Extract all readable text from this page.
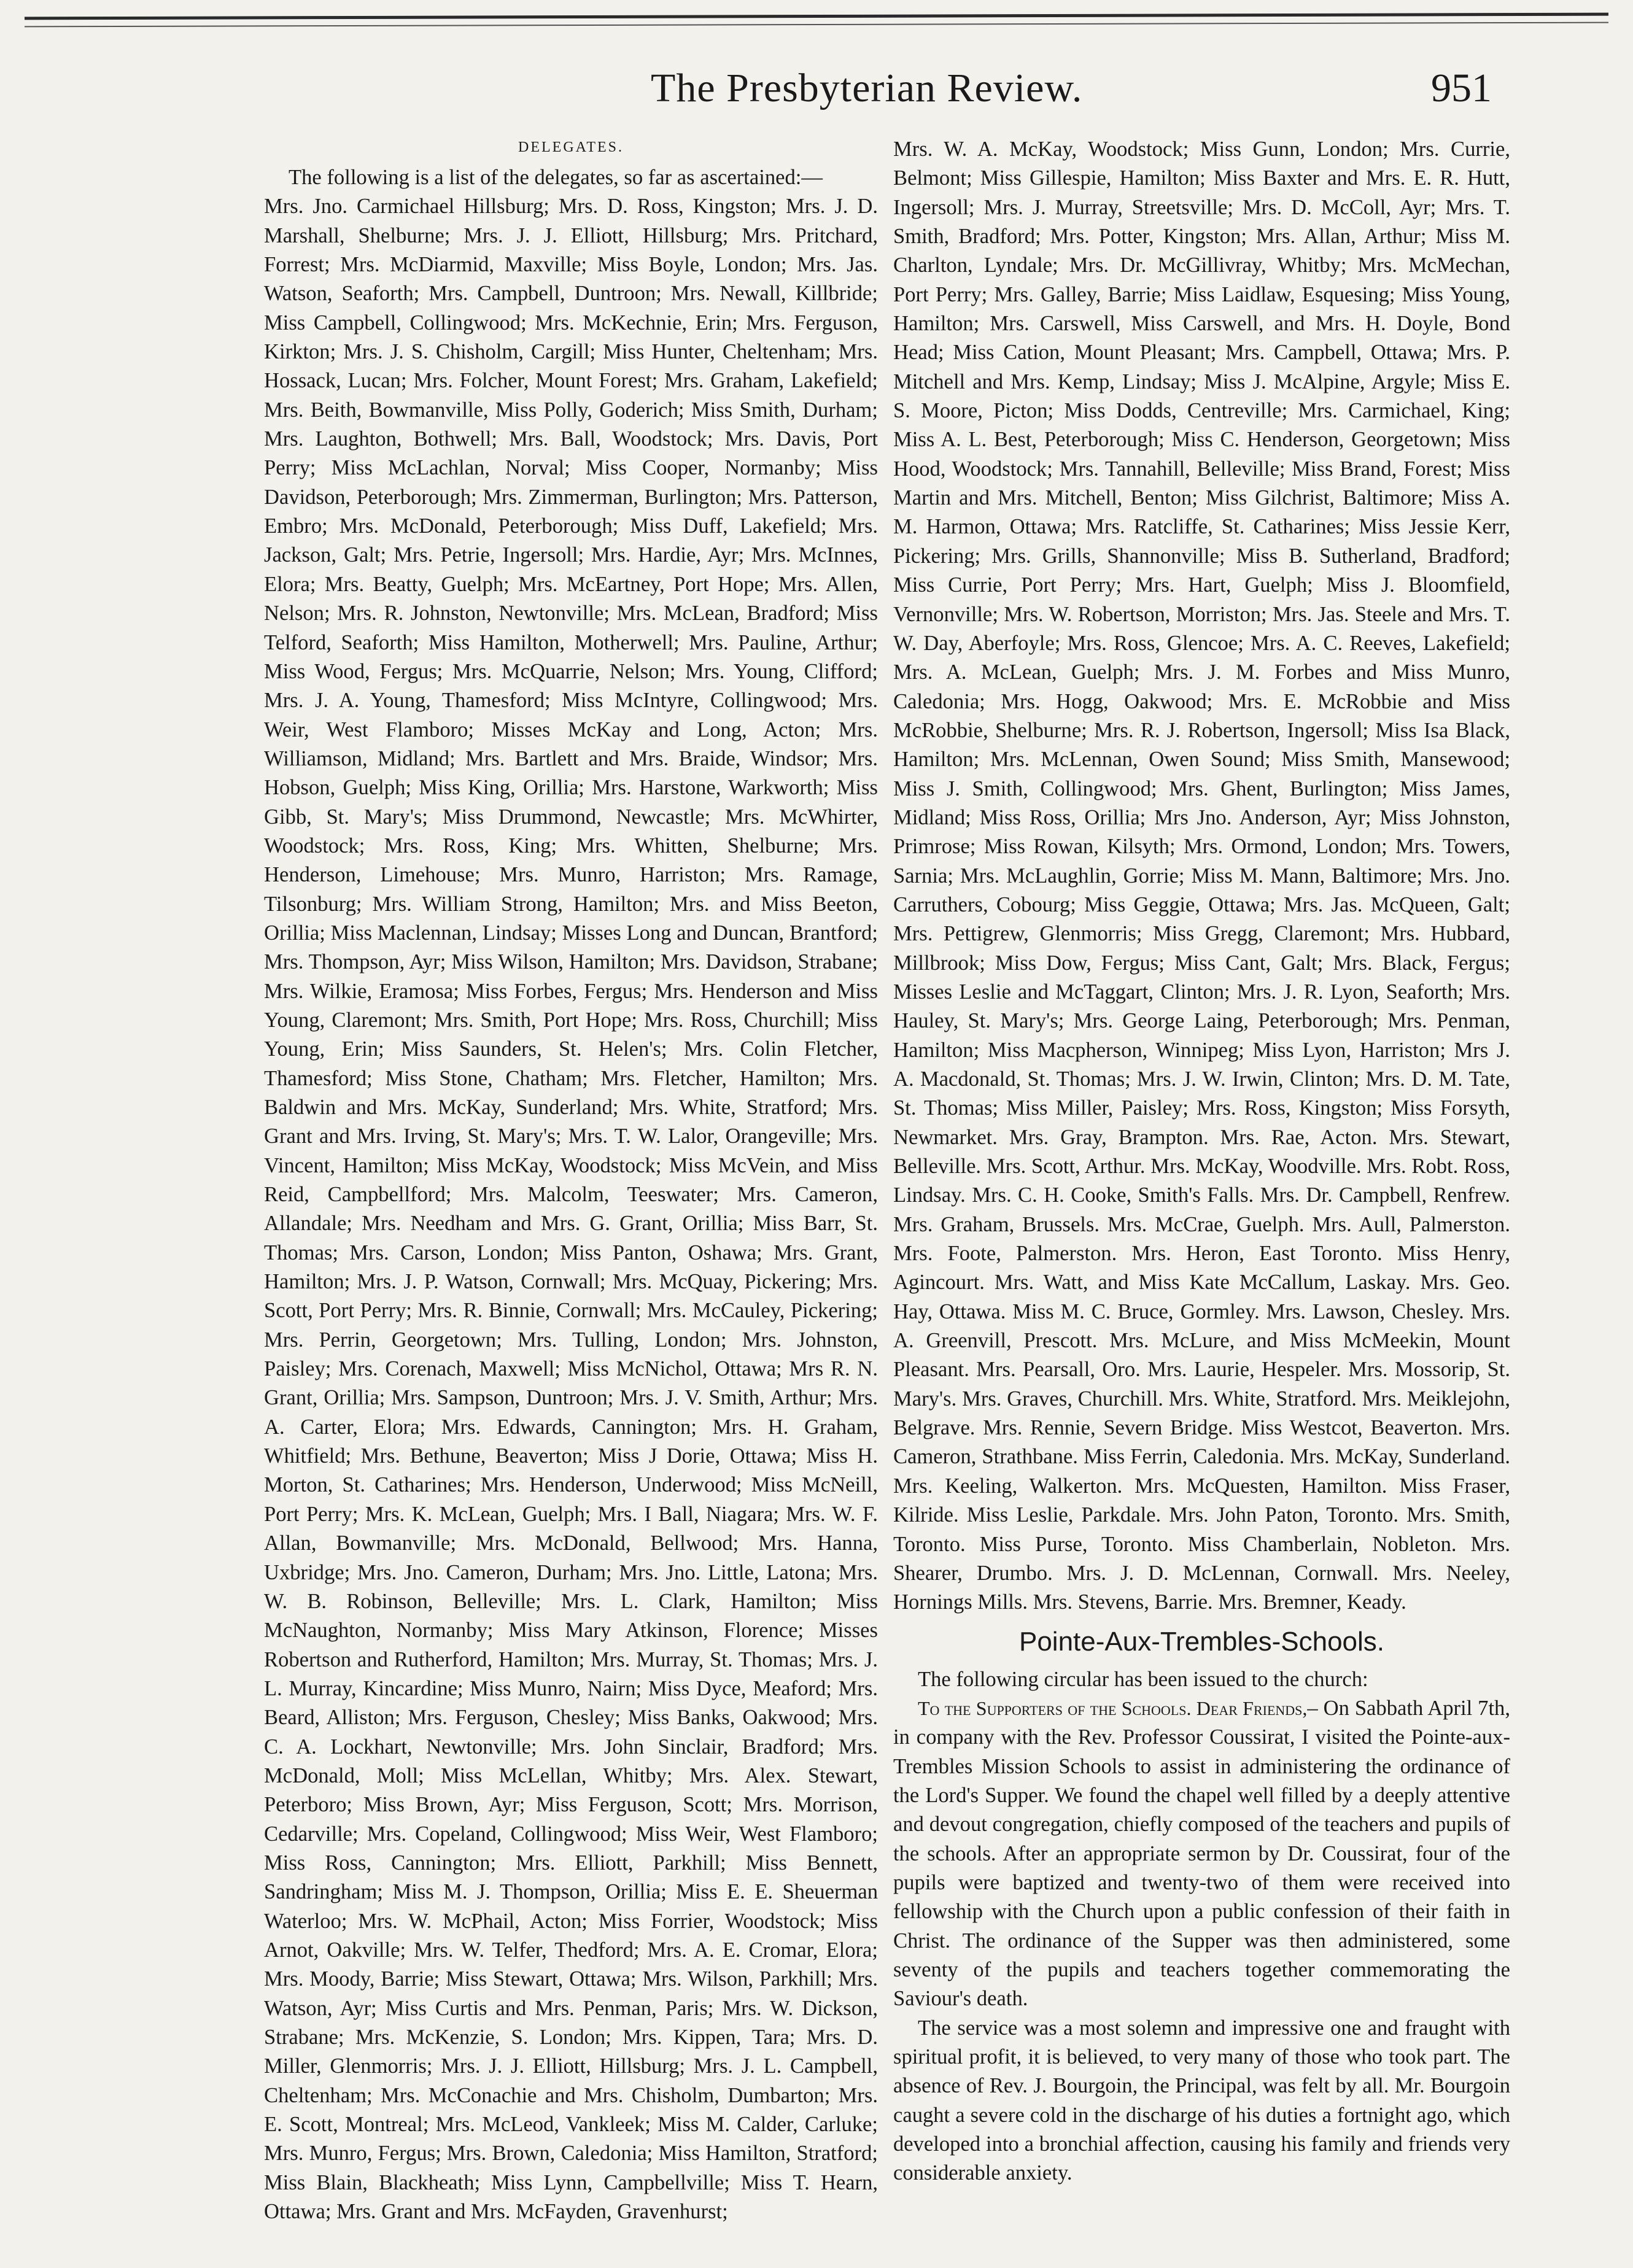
The Presbyterian Review.	951
DELEGATES.

The following is a list of the delegates, so far as ascertained:—

Mrs. Jno. Carmichael Hillsburg; Mrs. D. Ross, Kingston; Mrs. J. D. Marshall, Shelburne; Mrs. J. J. Elliott, Hillsburg; Mrs. Pritchard, Forrest; Mrs. McDiarmid, Maxville; Miss Boyle, London; Mrs. Jas. Watson, Seaforth; Mrs. Campbell, Duntroon; Mrs. Newall, Killbride; Miss Campbell, Collingwood; Mrs. McKechnie, Erin; Mrs. Ferguson, Kirkton; Mrs. J. S. Chisholm, Cargill; Miss Hunter, Cheltenham; Mrs. Hossack, Lucan; Mrs. Folcher, Mount Forest; Mrs. Graham, Lakefield; Mrs. Beith, Bowmanville, Miss Polly, Goderich; Miss Smith, Durham; Mrs. Laughton, Bothwell; Mrs. Ball, Woodstock; Mrs. Davis, Port Perry; Miss McLachlan, Norval; Miss Cooper, Normanby; Miss Davidson, Peterborough; Mrs. Zimmerman, Burlington; Mrs. Patterson, Embro; Mrs. McDonald, Peterborough; Miss Duff, Lakefield; Mrs. Jackson, Galt; Mrs. Petrie, Ingersoll; Mrs. Hardie, Ayr; Mrs. McInnes, Elora; Mrs. Beatty, Guelph; Mrs. McEartney, Port Hope; Mrs. Allen, Nelson; Mrs. R. Johnston, Newtonville; Mrs. McLean, Bradford; Miss Telford, Seaforth; Miss Hamilton, Motherwell; Mrs. Pauline, Arthur; Miss Wood, Fergus; Mrs. McQuarrie, Nelson; Mrs. Young, Clifford; Mrs. J. A. Young, Thamesford; Miss McIntyre, Collingwood; Mrs. Weir, West Flamboro; Misses McKay and Long, Acton; Mrs. Williamson, Midland; Mrs. Bartlett and Mrs. Braide, Windsor; Mrs. Hobson, Guelph; Miss King, Orillia; Mrs. Harstone, Warkworth; Miss Gibb, St. Mary's; Miss Drummond, Newcastle; Mrs. McWhirter, Woodstock; Mrs. Ross, King; Mrs. Whitten, Shelburne; Mrs. Henderson, Limehouse; Mrs. Munro, Harriston; Mrs. Ramage, Tilsonburg; Mrs. William Strong, Hamilton; Mrs. and Miss Beeton, Orillia; Miss Maclennan, Lindsay; Misses Long and Duncan, Brantford; Mrs. Thompson, Ayr; Miss Wilson, Hamilton; Mrs. Davidson, Strabane; Mrs. Wilkie, Eramosa; Miss Forbes, Fergus; Mrs. Henderson and Miss Young, Claremont; Mrs. Smith, Port Hope; Mrs. Ross, Churchill; Miss Young, Erin; Miss Saunders, St. Helen's; Mrs. Colin Fletcher, Thamesford; Miss Stone, Chatham; Mrs. Fletcher, Hamilton; Mrs. Baldwin and Mrs. McKay, Sunderland; Mrs. White, Stratford; Mrs. Grant and Mrs. Irving, St. Mary's; Mrs. T. W. Lalor, Orangeville; Mrs. Vincent, Hamilton; Miss McKay, Woodstock; Miss McVein, and Miss Reid, Campbellford; Mrs. Malcolm, Teeswater; Mrs. Cameron, Allandale; Mrs. Needham and Mrs. G. Grant, Orillia; Miss Barr, St. Thomas; Mrs. Carson, London; Miss Panton, Oshawa; Mrs. Grant, Hamilton; Mrs. J. P. Watson, Cornwall; Mrs. McQuay, Pickering; Mrs. Scott, Port Perry; Mrs. R. Binnie, Cornwall; Mrs. McCauley, Pickering; Mrs. Perrin, Georgetown; Mrs. Tulling, London; Mrs. Johnston, Paisley; Mrs. Corenach, Maxwell; Miss McNichol, Ottawa; Mrs R. N. Grant, Orillia; Mrs. Sampson, Duntroon; Mrs. J. V. Smith, Arthur; Mrs. A. Carter, Elora; Mrs. Edwards, Cannington; Mrs. H. Graham, Whitfield; Mrs. Bethune, Beaverton; Miss J Dorie, Ottawa; Miss H. Morton, St. Catharines; Mrs. Henderson, Underwood; Miss McNeill, Port Perry; Mrs. K. McLean, Guelph; Mrs. I Ball, Niagara; Mrs. W. F. Allan, Bowmanville; Mrs. McDonald, Bellwood; Mrs. Hanna, Uxbridge; Mrs. Jno. Cameron, Durham; Mrs. Jno. Little, Latona; Mrs. W. B. Robinson, Belleville; Mrs. L. Clark, Hamilton; Miss McNaughton, Normanby; Miss Mary Atkinson, Florence; Misses Robertson and Rutherford, Hamilton; Mrs. Murray, St. Thomas; Mrs. J. L. Murray, Kincardine; Miss Munro, Nairn; Miss Dyce, Meaford; Mrs. Beard, Alliston; Mrs. Ferguson, Chesley; Miss Banks, Oakwood; Mrs. C. A. Lockhart, Newtonville; Mrs. John Sinclair, Bradford; Mrs. McDonald, Moll; Miss McLellan, Whitby; Mrs. Alex. Stewart, Peterboro; Miss Brown, Ayr; Miss Ferguson, Scott; Mrs. Morrison, Cedarville; Mrs. Copeland, Collingwood; Miss Weir, West Flamboro; Miss Ross, Cannington; Mrs. Elliott, Parkhill; Miss Bennett, Sandringham; Miss M. J. Thompson, Orillia; Miss E. E. Sheuerman Waterloo; Mrs. W. McPhail, Acton; Miss Forrier, Woodstock; Miss Arnot, Oakville; Mrs. W. Telfer, Thedford; Mrs. A. E. Cromar, Elora; Mrs. Moody, Barrie; Miss Stewart, Ottawa; Mrs. Wilson, Parkhill; Mrs. Watson, Ayr; Miss Curtis and Mrs. Penman, Paris; Mrs. W. Dickson, Strabane; Mrs. McKenzie, S. London; Mrs. Kippen, Tara; Mrs. D. Miller, Glenmorris; Mrs. J. J. Elliott, Hillsburg; Mrs. J. L. Campbell, Cheltenham; Mrs. McConachie and Mrs. Chisholm, Dumbarton; Mrs. E. Scott, Montreal; Mrs. McLeod, Vankleek; Miss M. Calder, Carluke; Mrs. Munro, Fergus; Mrs. Brown, Caledonia; Miss Hamilton, Stratford; Miss Blain, Blackheath; Miss Lynn, Campbellville; Miss T. Hearn, Ottawa; Mrs. Grant and Mrs. McFayden, Gravenhurst;

Mrs. W. A. McKay, Woodstock; Miss Gunn, London; Mrs. Currie, Belmont; Miss Gillespie, Hamilton; Miss Baxter and Mrs. E. R. Hutt, Ingersoll; Mrs. J. Murray, Streetsville; Mrs. D. McColl, Ayr; Mrs. T. Smith, Bradford; Mrs. Potter, Kingston; Mrs. Allan, Arthur; Miss M. Charlton, Lyndale; Mrs. Dr. McGillivray, Whitby; Mrs. McMechan, Port Perry; Mrs. Galley, Barrie; Miss Laidlaw, Esquesing; Miss Young, Hamilton; Mrs. Carswell, Miss Carswell, and Mrs. H. Doyle, Bond Head; Miss Cation, Mount Pleasant; Mrs. Campbell, Ottawa; Mrs. P. Mitchell and Mrs. Kemp, Lindsay; Miss J. McAlpine, Argyle; Miss E. S. Moore, Picton; Miss Dodds, Centreville; Mrs. Carmichael, King; Miss A. L. Best, Peterborough; Miss C. Henderson, Georgetown; Miss Hood, Woodstock; Mrs. Tannahill, Belleville; Miss Brand, Forest; Miss Martin and Mrs. Mitchell, Benton; Miss Gilchrist, Baltimore; Miss A. M. Harmon, Ottawa; Mrs. Ratcliffe, St. Catharines; Miss Jessie Kerr, Pickering; Mrs. Grills, Shannonville; Miss B. Sutherland, Bradford; Miss Currie, Port Perry; Mrs. Hart, Guelph; Miss J. Bloomfield, Vernonville; Mrs. W. Robertson, Morriston; Mrs. Jas. Steele and Mrs. T. W. Day, Aberfoyle; Mrs. Ross, Glencoe; Mrs. A. C. Reeves, Lakefield; Mrs. A. McLean, Guelph; Mrs. J. M. Forbes and Miss Munro, Caledonia; Mrs. Hogg, Oakwood; Mrs. E. McRobbie and Miss McRobbie, Shelburne; Mrs. R. J. Robertson, Ingersoll; Miss Isa Black, Hamilton; Mrs. McLennan, Owen Sound; Miss Smith, Mansewood; Miss J. Smith, Collingwood; Mrs. Ghent, Burlington; Miss James, Midland; Miss Ross, Orillia; Mrs Jno. Anderson, Ayr; Miss Johnston, Primrose; Miss Rowan, Kilsyth; Mrs. Ormond, London; Mrs. Towers, Sarnia; Mrs. McLaughlin, Gorrie; Miss M. Mann, Baltimore; Mrs. Jno. Carruthers, Cobourg; Miss Geggie, Ottawa; Mrs. Jas. McQueen, Galt; Mrs. Pettigrew, Glenmorris; Miss Gregg, Claremont; Mrs. Hubbard, Millbrook; Miss Dow, Fergus; Miss Cant, Galt; Mrs. Black, Fergus; Misses Leslie and McTaggart, Clinton; Mrs. J. R. Lyon, Seaforth; Mrs. Hauley, St. Mary's; Mrs. George Laing, Peterborough; Mrs. Penman, Hamilton; Miss Macpherson, Winnipeg; Miss Lyon, Harriston; Mrs J. A. Macdonald, St. Thomas; Mrs. J. W. Irwin, Clinton; Mrs. D. M. Tate, St. Thomas; Miss Miller, Paisley; Mrs. Ross, Kingston; Miss Forsyth, Newmarket. Mrs. Gray, Brampton. Mrs. Rae, Acton. Mrs. Stewart, Belleville. Mrs. Scott, Arthur. Mrs. McKay, Woodville. Mrs. Robt. Ross, Lindsay. Mrs. C. H. Cooke, Smith's Falls. Mrs. Dr. Campbell, Renfrew. Mrs. Graham, Brussels. Mrs. McCrae, Guelph. Mrs. Aull, Palmerston. Mrs. Foote, Palmerston. Mrs. Heron, East Toronto. Miss Henry, Agincourt. Mrs. Watt, and Miss Kate McCallum, Laskay. Mrs. Geo. Hay, Ottawa. Miss M. C. Bruce, Gormley. Mrs. Lawson, Chesley. Mrs. A. Greenvill, Prescott. Mrs. McLure, and Miss McMeekin, Mount Pleasant. Mrs. Pearsall, Oro. Mrs. Laurie, Hespeler. Mrs. Mossorip, St. Mary's. Mrs. Graves, Churchill. Mrs. White, Stratford. Mrs. Meiklejohn, Belgrave. Mrs. Rennie, Severn Bridge. Miss Westcot, Beaverton. Mrs. Cameron, Strathbane. Miss Ferrin, Caledonia. Mrs. McKay, Sunderland. Mrs. Keeling, Walkerton. Mrs. McQuesten, Hamilton. Miss Fraser, Kilride. Miss Leslie, Parkdale. Mrs. John Paton, Toronto. Mrs. Smith, Toronto. Miss Purse, Toronto. Miss Chamberlain, Nobleton. Mrs. Shearer, Drumbo. Mrs. J. D. McLennan, Cornwall. Mrs. Neeley, Hornings Mills. Mrs. Stevens, Barrie. Mrs. Bremner, Keady.

Pointe-Aux-Trembles-Schools.

The following circular has been issued to the church:

To the Supporters of the Schools. Dear Friends,– On Sabbath April 7th, in company with the Rev. Professor Coussirat, I visited the Pointe-aux-Trembles Mission Schools to assist in administering the ordinance of the Lord's Supper. We found the chapel well filled by a deeply attentive and devout congregation, chiefly composed of the teachers and pupils of the schools. After an appropriate sermon by Dr. Coussirat, four of the pupils were baptized and twenty-two of them were received into fellowship with the Church upon a public confession of their faith in Christ. The ordinance of the Supper was then administered, some seventy of the pupils and teachers together commemorating the Saviour's death.

The service was a most solemn and impressive one and fraught with spiritual profit, it is believed, to very many of those who took part. The absence of Rev. J. Bourgoin, the Principal, was felt by all. Mr. Bourgoin caught a severe cold in the discharge of his duties a fortnight ago, which developed into a bronchial affection, causing his family and friends very considerable anxiety.
